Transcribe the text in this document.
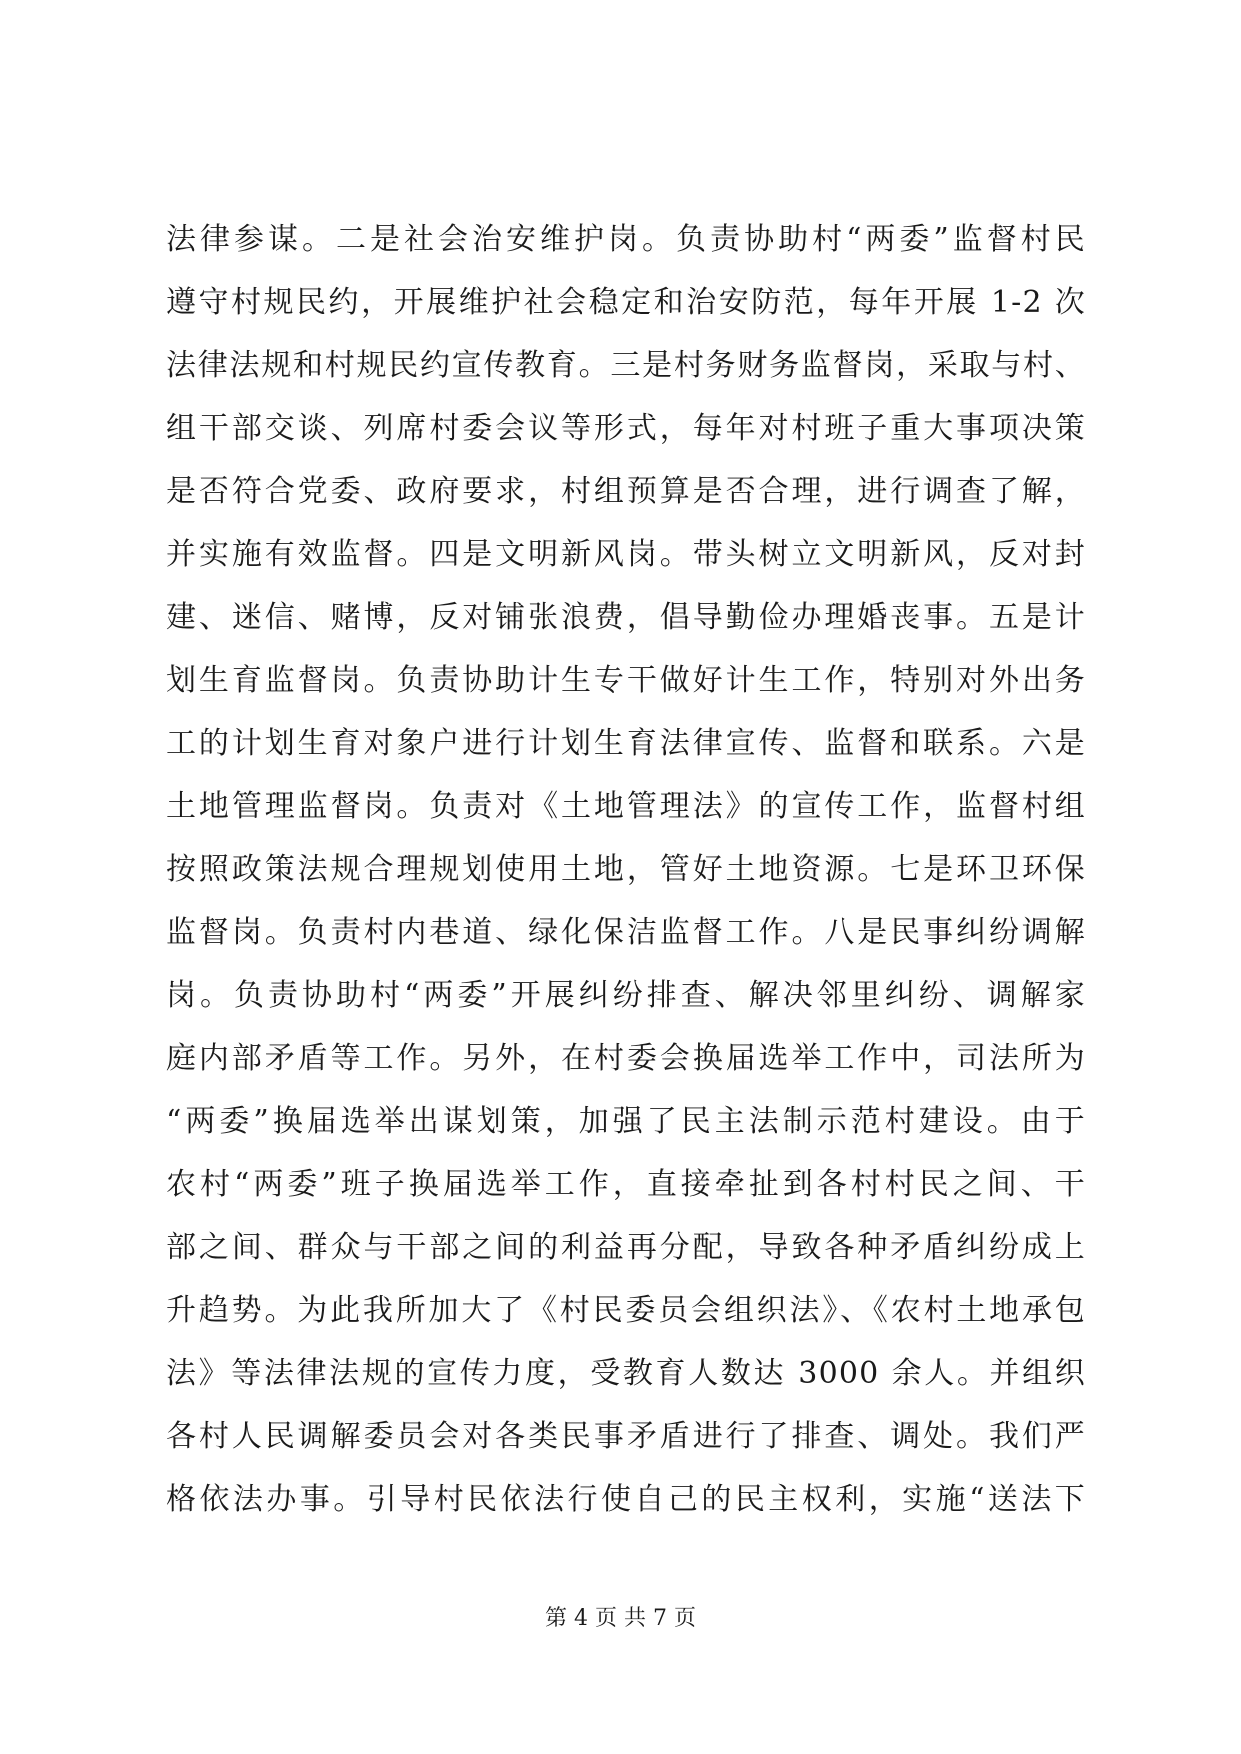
法律参谋。二是社会治安维护岗。负责协助村“两委”监督村民
遵守村规民约，开展维护社会稳定和治安防范，每年开展 1-2 次
法律法规和村规民约宣传教育。三是村务财务监督岗，采取与村、
组干部交谈、列席村委会议等形式，每年对村班子重大事项决策
是否符合党委、政府要求，村组预算是否合理，进行调查了解，
并实施有效监督。四是文明新风岗。带头树立文明新风，反对封
建、迷信、赌博，反对铺张浪费，倡导勤俭办理婚丧事。五是计
划生育监督岗。负责协助计生专干做好计生工作，特别对外出务
工的计划生育对象户进行计划生育法律宣传、监督和联系。六是
土地管理监督岗。负责对《土地管理法》的宣传工作，监督村组
按照政策法规合理规划使用土地，管好土地资源。七是环卫环保
监督岗。负责村内巷道、绿化保洁监督工作。八是民事纠纷调解
岗。负责协助村“两委”开展纠纷排查、解决邻里纠纷、调解家
庭内部矛盾等工作。另外，在村委会换届选举工作中，司法所为
“两委”换届选举出谋划策，加强了民主法制示范村建设。由于
农村“两委”班子换届选举工作，直接牵扯到各村村民之间、干
部之间、群众与干部之间的利益再分配，导致各种矛盾纠纷成上
升趋势。为此我所加大了《村民委员会组织法》、《农村土地承包
法》等法律法规的宣传力度，受教育人数达 3000 余人。并组织
各村人民调解委员会对各类民事矛盾进行了排查、调处。我们严
格依法办事。引导村民依法行使自己的民主权利，实施“送法下
第 4 页 共 7 页
